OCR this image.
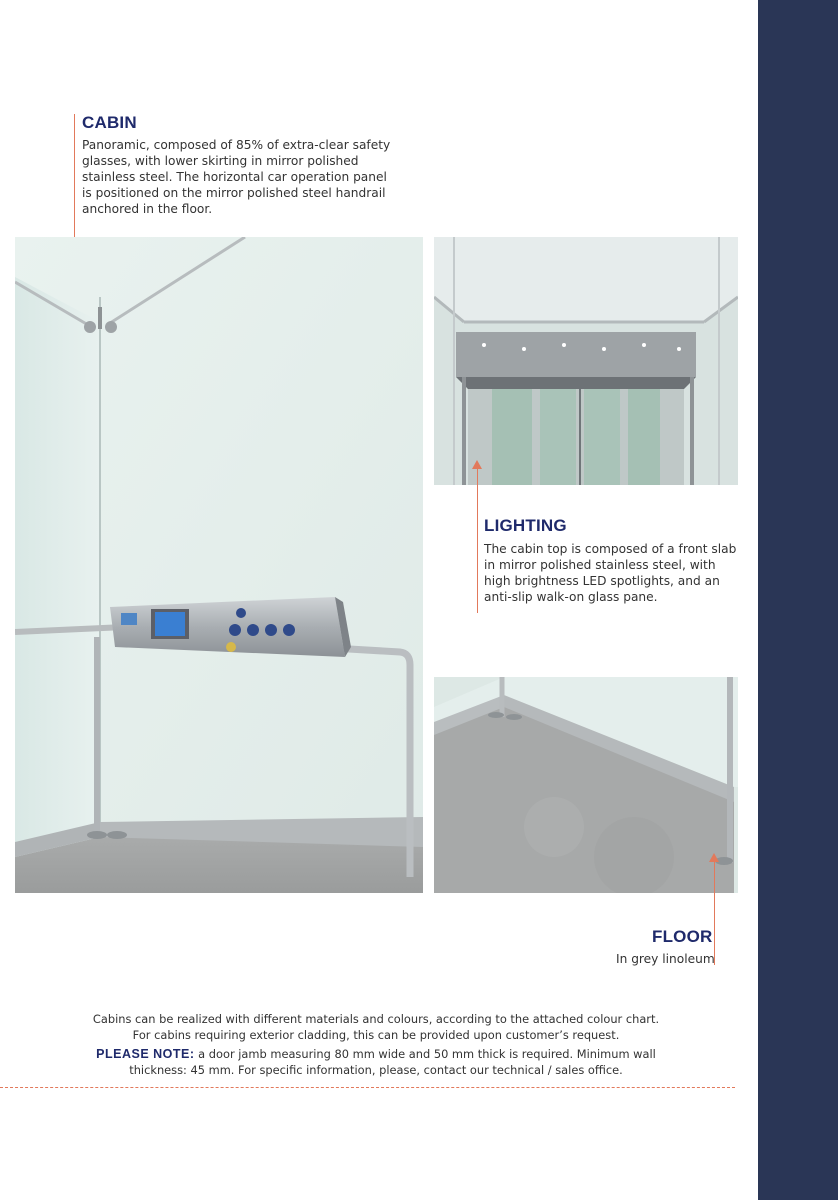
CABIN
Panoramic, composed of 85% of extra-clear safety
glasses, with lower skirting in mirror polished
stainless steel. The horizontal car operation panel
is positioned on the mirror polished steel handrail
anchored in the floor.
LIGHTING
The cabin top is composed of a front slab
in mirror polished stainless steel, with
high brightness LED spotlights, and an
anti-slip walk-on glass pane.
FLOOR
In grey linoleum
Cabins can be realized with different materials and colours, according to the attached colour chart.
For cabins requiring exterior cladding, this can be provided upon customer’s request.
PLEASE NOTE: a door jamb measuring 80 mm wide and 50 mm thick is required. Minimum wall
thickness: 45 mm. For specific information, please, contact our technical / sales office.
